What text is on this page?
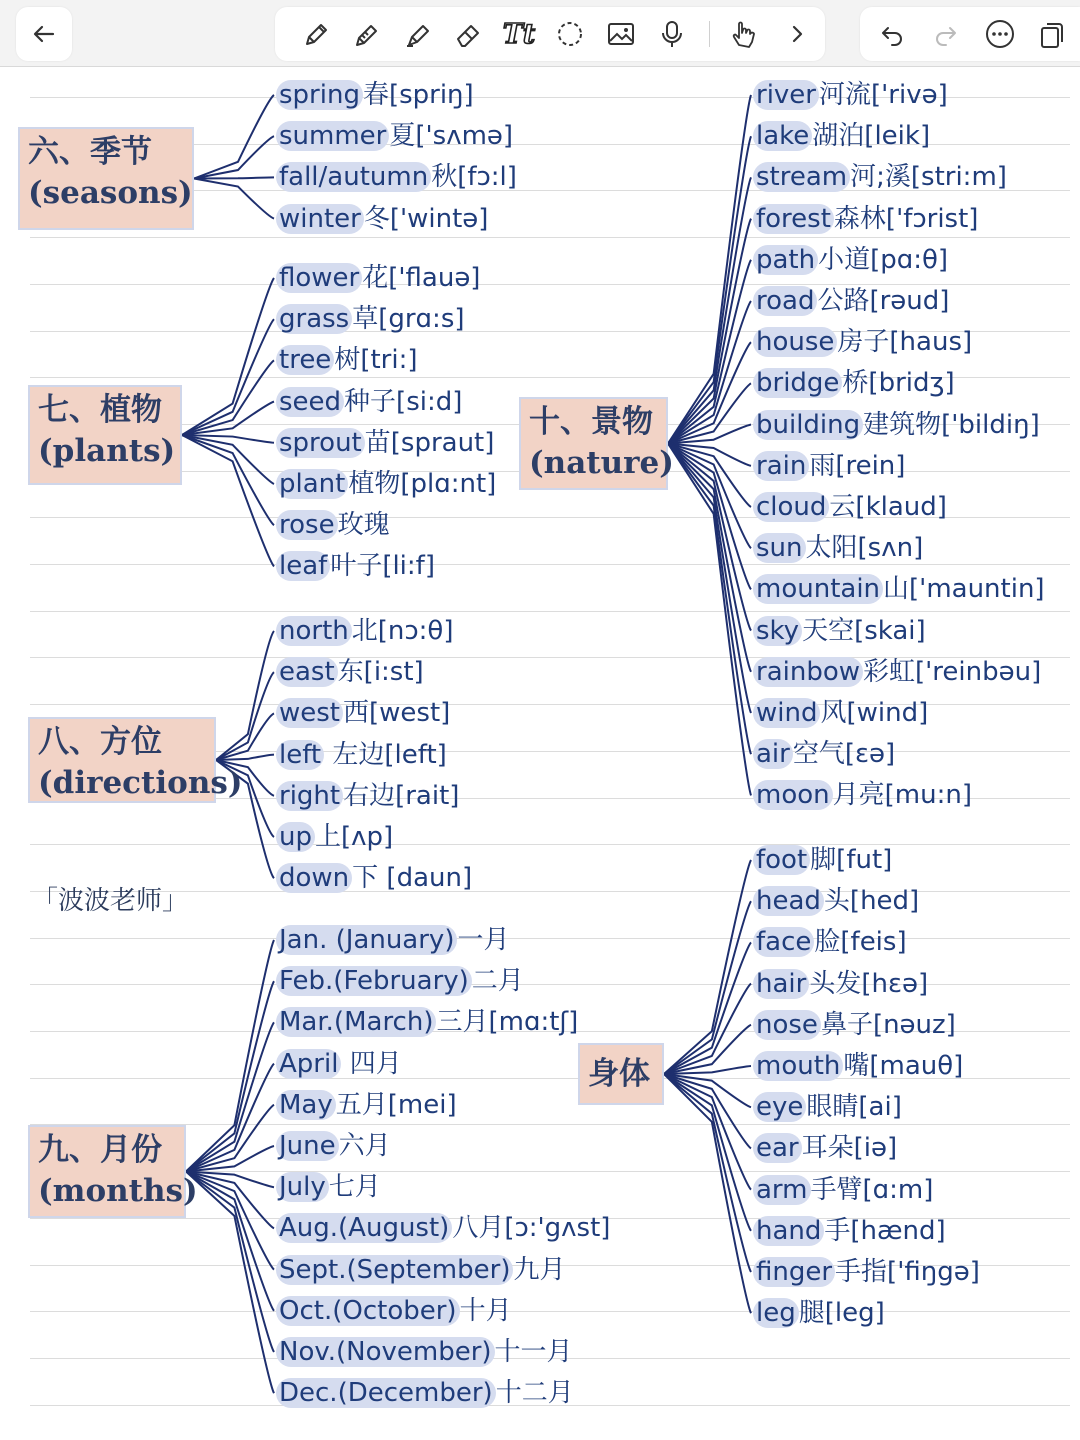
Tt
六、季节
(seasons)
spring 春[spriŋ]
summer 夏['sʌmə]
fall/autumn 秋[fɔ:l]
winter 冬['wintə]
七、植物
(plants)
flower 花['flauə]
grass 草[grɑ:s]
tree 树[tri:]
seed 种子[si:d]
sprout 苗[spraut]
plant 植物[plɑ:nt]
rose 玫瑰
leaf 叶子[li:f]
八、方位
(directions)
north 北[nɔ:θ]
east 东[i:st]
west 西[west]
left 左边[left]
right 右边[rait]
up 上[ʌp]
down 下 [daun]
九、月份
(months)
Jan. (January) 一月
Feb.(February) 二月
Mar.(March) 三月[mɑ:tʃ]
April 四月
May 五月[mei]
June 六月
July 七月
Aug.(August) 八月[ɔ:'gʌst]
Sept.(September) 九月
Oct.(October) 十月
Nov.(November) 十一月
Dec.(December) 十二月
十、景物
(nature)
river 河流['rivə]
lake 湖泊[leik]
stream 河;溪[stri:m]
forest 森林['fɔrist]
path 小道[pɑ:θ]
road 公路[rəud]
house 房子[haus]
bridge 桥[bridʒ]
building 建筑物['bildiŋ]
rain 雨[rein]
cloud 云[klaud]
sun 太阳[sʌn]
mountain 山['mauntin]
sky 天空[skai]
rainbow 彩虹['reinbəu]
wind 风[wind]
air 空气[ɛə]
moon 月亮[mu:n]
身体
foot 脚[fut]
head 头[hed]
face 脸[feis]
hair 头发[hɛə]
nose 鼻子[nəuz]
mouth 嘴[mauθ]
eye 眼睛[ai]
ear 耳朵[iə]
arm 手臂[ɑ:m]
hand 手[hænd]
finger 手指['fiŋgə]
leg 腿[leg]
「波波老师」
